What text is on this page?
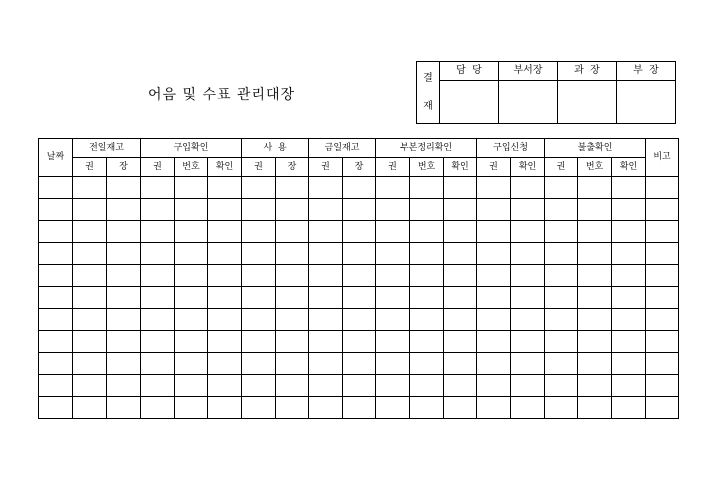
어음 및 수표 관리대장
결
재	담  당	부서장	과  장	부  장

날짜	전일재고		구입확인			사  용		금일재고		부본정리확인			구입신청		불출확인			비고
	권	장	권	번호	확인	권	장	권	장	권	번호	확인	권	확인	권	번호	확인	
